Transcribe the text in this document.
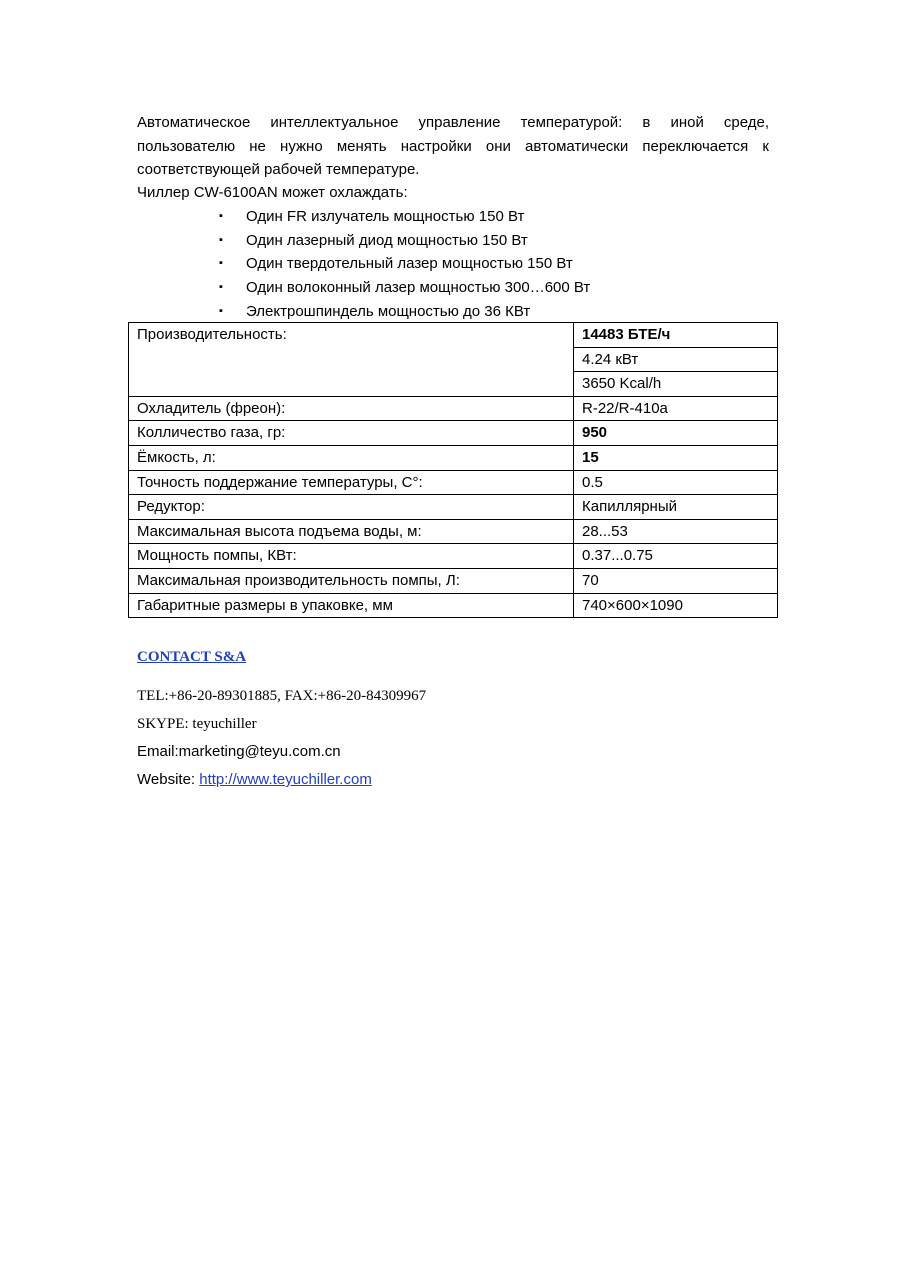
Автоматическое интеллектуальное управление температурой: в иной среде, пользователю не нужно менять настройки они автоматически переключается к соответствующей рабочей температуре.

Чиллер CW-6100AN может охлаждать:

▪ Один FR излучатель мощностью 150 Вт
▪ Один лазерный диод мощностью 150 Вт
▪ Один твердотельный лазер мощностью 150 Вт
▪ Один волоконный лазер мощностью 300…600 Вт
▪ Электрошпиндель мощностью до 36 КВт
Производительность:	14483 БТЕ/ч
	4.24 кВт
	3650 Kcal/h
Охладитель (фреон):	R-22/R-410a
Колличество газа, гр:	950
Ёмкость, л:	15
Точность поддержание температуры, C°:	0.5
Редуктор:	Капиллярный
Максимальная высота подъема воды, м:	28...53
Мощность помпы, КВт:	0.37...0.75
Максимальная производительность помпы, Л:	70
Габаритные размеры в упаковке, мм	740×600×1090
CONTACT S&A
TEL:+86-20-89301885, FAX:+86-20-84309967
SKYPE: teyuchiller
Email:marketing@teyu.com.cn
Website: http://www.teyuchiller.com
